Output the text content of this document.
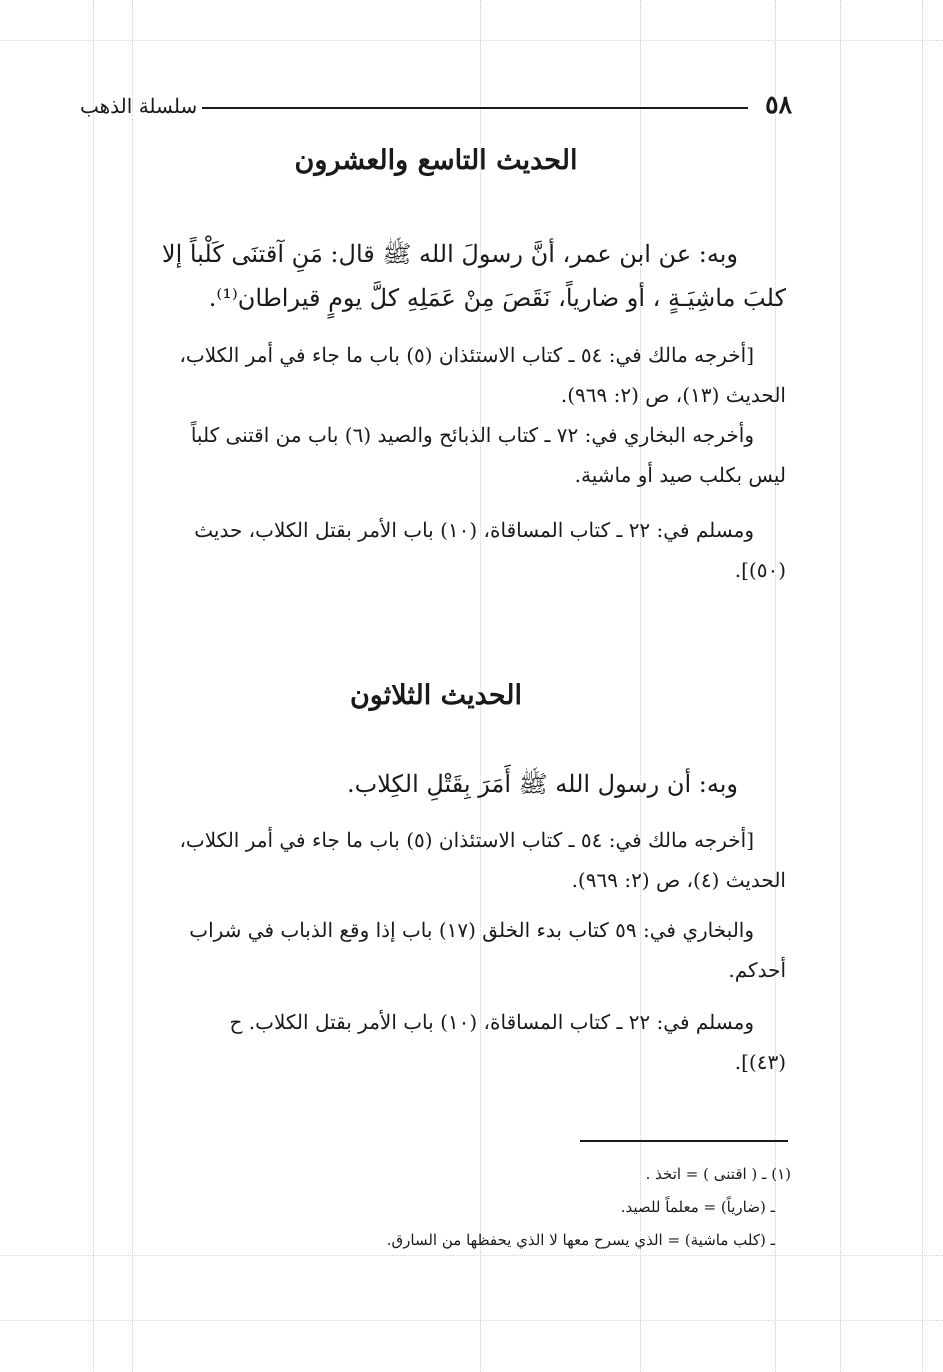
٥٨
سلسلة الذهب
الحديث التاسع والعشرون
وبه: عن ابن عمر، أنَّ رسولَ الله ﷺ قال: مَنِ آقتنَى كَلْباً إلا
كلبَ ماشِيَـةٍ ، أو ضارياً، نَقَصَ مِنْ عَمَلِهِ كلَّ يومٍ قيراطان⁽¹⁾.
[أخرجه مالك في: ٥٤ ـ كتاب الاستئذان (٥) باب ما جاء في أمر الكلاب،
الحديث (١٣)، ص (٢: ٩٦٩).
وأخرجه البخاري في: ٧٢ ـ كتاب الذبائح والصيد (٦) باب من اقتنى كلباً
ليس بكلب صيد أو ماشية.
ومسلم في: ٢٢ ـ كتاب المساقاة، (١٠) باب الأمر بقتل الكلاب، حديث
(٥٠)].
الحديث الثلاثون
وبه: أن رسول الله ﷺ أَمَرَ بِقَتْلِ الكِلاب.
[أخرجه مالك في: ٥٤ ـ كتاب الاستئذان (٥) باب ما جاء في أمر الكلاب،
الحديث (٤)، ص (٢: ٩٦٩).
والبخاري في: ٥٩ كتاب بدء الخلق (١٧) باب إذا وقع الذباب في شراب
أحدكم.
ومسلم في: ٢٢ ـ كتاب المساقاة، (١٠) باب الأمر بقتل الكلاب. ح
(٤٣)].
(١) ـ ( اقتنى ) = اتخذ .
ـ (ضارياً) = معلماً للصيد.
ـ (كلب ماشية) = الذي يسرح معها لا الذي يحفظها من السارق.
